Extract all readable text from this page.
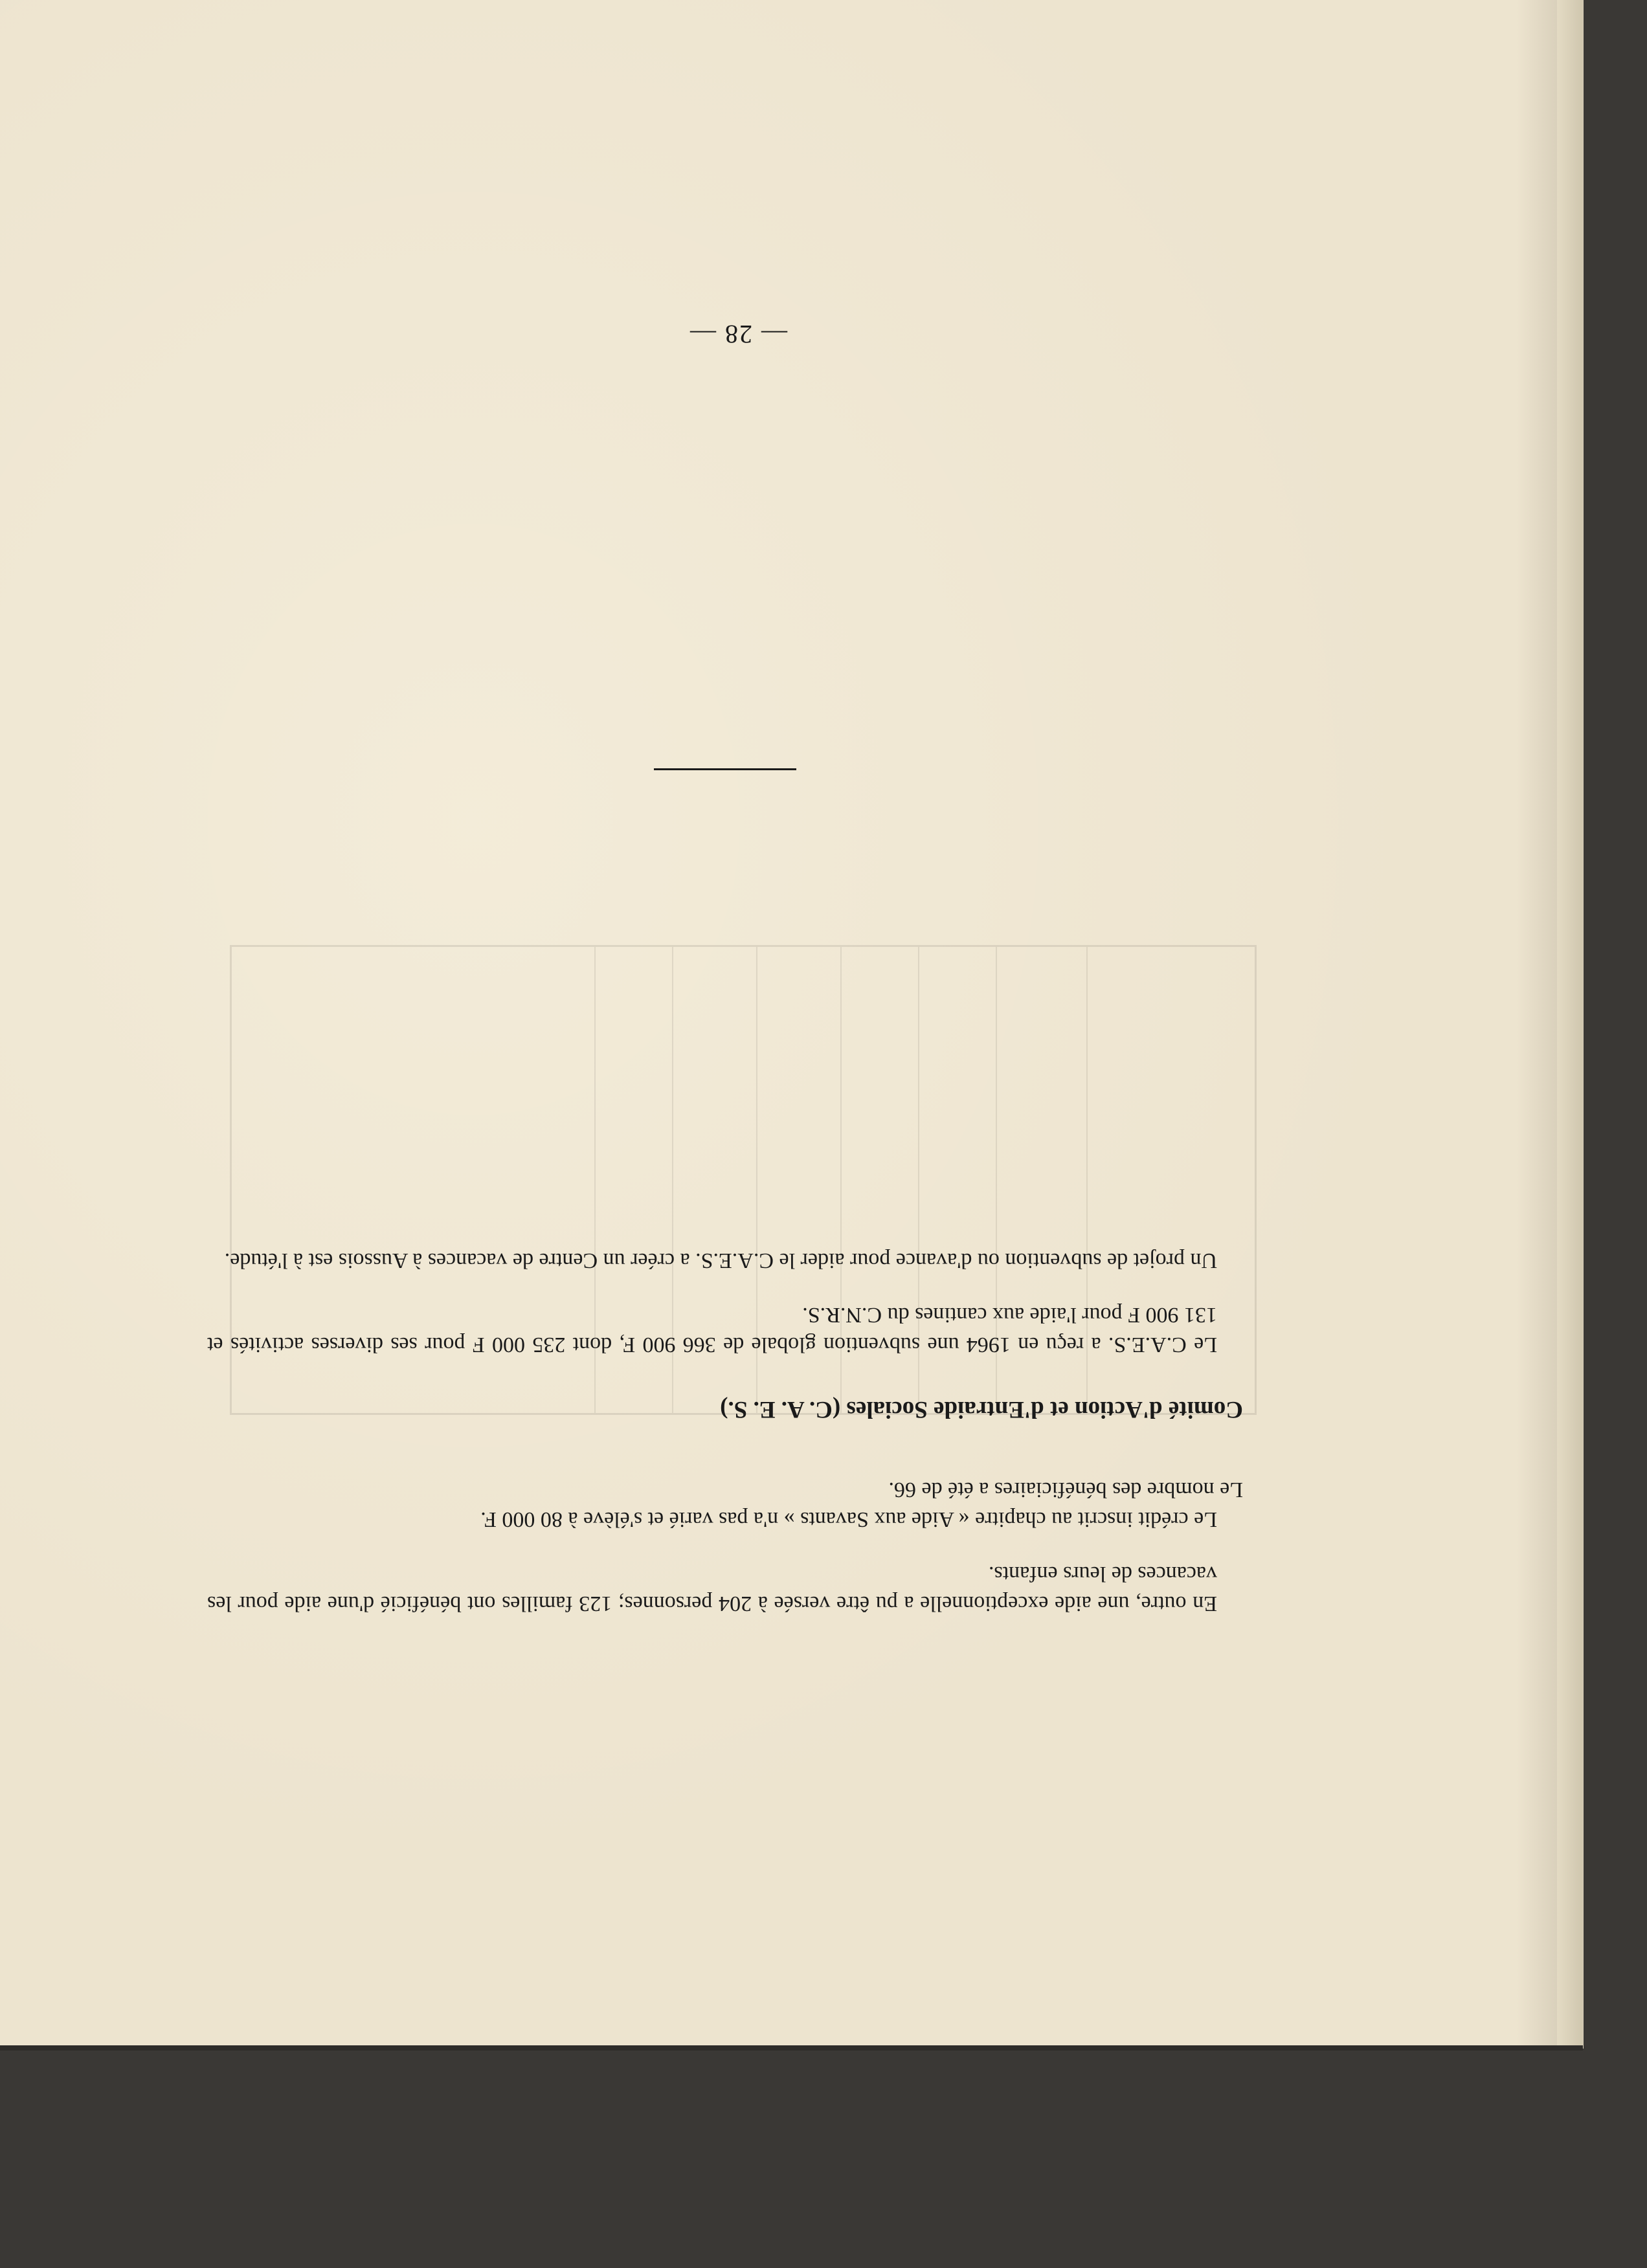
— 28 —

En outre, une aide exceptionnelle a pu être versée à 204 personnes; 123 familles ont bénéficié d'une aide pour les vacances de leurs enfants.

Le crédit inscrit au chapitre « Aide aux Savants » n'a pas varié et s'élève à 80 000 F.

Le nombre des bénéficiaires a été de 66.

Comité d'Action et d'Entraide Sociales (C. A. E. S.)

Le C.A.E.S. a reçu en 1964 une subvention globale de 366 900 F, dont 235 000 F pour ses diverses activités et 131 900 F pour l'aide aux cantines du C.N.R.S.

Un projet de subvention ou d'avance pour aider le C.A.E.S. a créer un Centre de vacances à Aussois est à l'étude.
